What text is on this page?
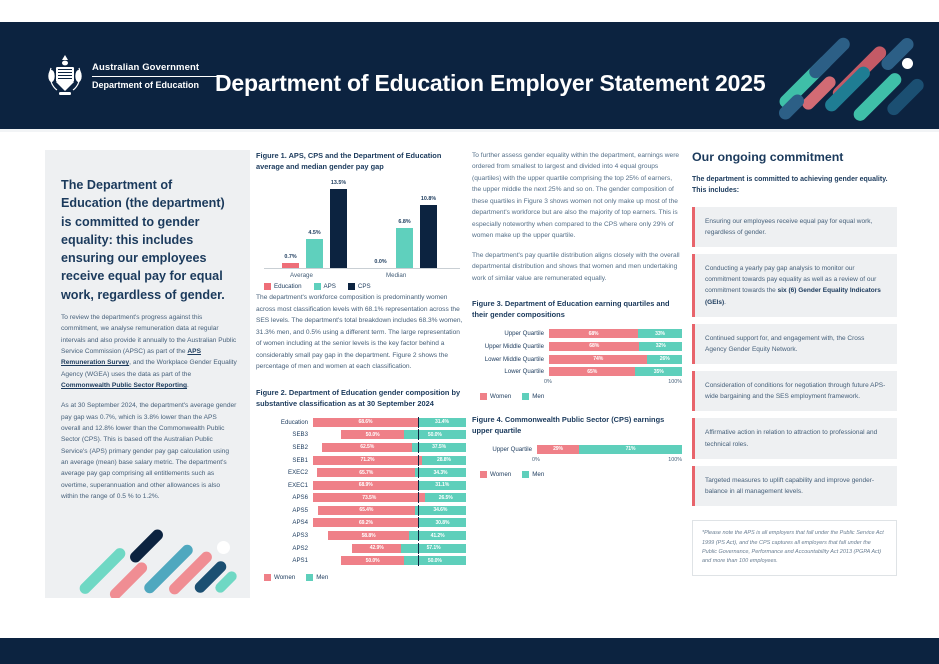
Australian Government
Department of Education Department of Education Employer Statement 2025
The Department of Education (the department) is committed to gender equality: this includes ensuring our employees receive equal pay for equal work, regardless of gender.

To review the department's progress against this commitment, we analyse remuneration data at regular intervals and also provide it annually to the Australian Public Service Commission (APSC) as part of the APS Remuneration Survey, and the Workplace Gender Equality Agency (WGEA) uses the data as part of the Commonwealth Public Sector Reporting.

As at 30 September 2024, the department's average gender pay gap was 0.7%, which is 3.8% lower than the APS overall and 12.8% lower than the Commonwealth Public Sector (CPS). This is based off the Australian Public Service's (APS) primary gender pay gap calculation using an average (mean) base salary metric. The department's average pay gap comprising all entitlements such as overtime, superannuation and other allowances is also within the range of 0.5 % to 1.2%.

Figure 1. APS, CPS and the Department of Education average and median gender pay gap
0.7%
4.5%
13.5%
0.0%
6.8%
10.8%
Average	Median
Education	APS	CPS

The department's workforce composition is predominantly women across most classification levels with 68.1% representation across the SES levels. The department's total breakdown includes 68.3% women, 31.3% men, and 0.5% using a different term. The large representation of women including at the senior levels is the key factor behind a considerably small pay gap in the department. Figure 2 shows the percentage of men and women at each classification.

Figure 2. Department of Education gender composition by substantive classification as at 30 September 2024
Education	68.6%	31.4%
SEB3	50.0%	50.0%
SEB2	62.5%	37.5%
SEB1	71.2%	28.8%
EXEC2	65.7%	34.3%
EXEC1	68.9%	31.1%
APS6	73.5%	26.5%
APS5	65.4%	34.6%
APS4	69.2%	30.8%
APS3	58.8%	41.2%
APS2	42.9%	57.1%
APS1	50.0%	50.0%
Women	Men

To further assess gender equality within the department, earnings were ordered from smallest to largest and divided into 4 equal groups (quartiles) with the upper quartile comprising the top 25% of earners, the upper middle the next 25% and so on. The gender composition of these quartiles in Figure 3 shows women not only make up most of the department's workforce but are also the majority of top earners. This is especially noteworthy when compared to the CPS where only 29% of women make up the upper quartile.

The department's pay quartile distribution aligns closely with the overall departmental distribution and shows that women and men undertaking work of similar value are remunerated equally.

Figure 3. Department of Education earning quartiles and their gender compositions
Upper Quartile	68%	33%
Upper Middle Quartile	68%	32%
Lower Middle Quartile	74%	26%
Lower Quartile	65%	35%
0%	100%
Women	Men
Figure 4. Commonwealth Public Sector (CPS) earnings upper quartile
Upper Quartile	29%	71%
0%	100%
Women	Men
Our ongoing commitment
The department is committed to achieving gender equality. This includes:

Ensuring our employees receive equal pay for equal work, regardless of gender.

Conducting a yearly pay gap analysis to monitor our commitment towards pay equality as well as a review of our commitment towards the six (6) Gender Equality Indicators (GEIs).

Continued support for, and engagement with, the Cross Agency Gender Equity Network.

Consideration of conditions for negotiation through future APS-wide bargaining and the SES employment framework.

Affirmative action in relation to attraction to professional and technical roles.

Targeted measures to uplift capability and improve gender-balance in all management levels.

*Please note the APS is all employers that fall under the Public Service Act 1999 (PS Act), and the CPS captures all employers that fall under the Public Governance, Performance and Accountability Act 2013 (PGPA Act) and more than 100 employees.
